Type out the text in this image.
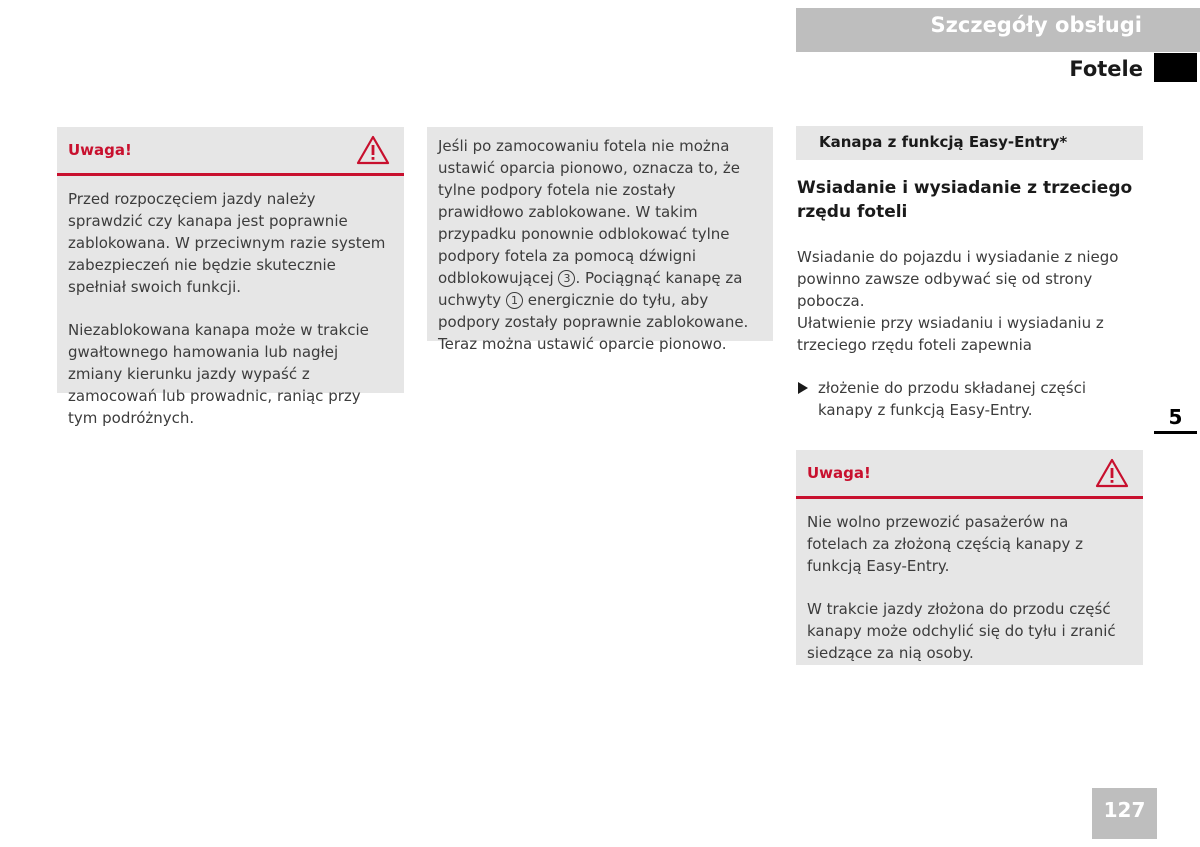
Szczegóły obsługi
Fotele
Uwaga!

Przed rozpoczęciem jazdy należy sprawdzić czy kanapa jest poprawnie zablokowana. W przeciwnym razie system zabezpieczeń nie będzie skutecznie spełniał swoich funkcji.

Niezablokowana kanapa może w trakcie gwałtownego hamowania lub nagłej zmiany kierunku jazdy wypaść z zamocowań lub prowadnic, raniąc przy tym podróżnych.

Jeśli po zamocowaniu fotela nie można ustawić oparcia pionowo, oznacza to, że tylne podpory fotela nie zostały prawidłowo zablokowane. W takim przypadku ponownie odblokować tylne podpory fotela za pomocą dźwigni odblokowującej 3 . Pociągnąć kanapę za uchwyty 1 energicznie do tyłu, aby podpory zostały poprawnie zablokowane. Teraz można ustawić oparcie pionowo.

Kanapa z funkcją Easy-Entry*
Wsiadanie i wysiadanie z trzeciego rzędu foteli

Wsiadanie do pojazdu i wysiadanie z niego powinno zawsze odbywać się od strony pobocza.

Ułatwienie przy wsiadaniu i wysiadaniu z trzeciego rzędu foteli zapewnia

złożenie do przodu składanej części kanapy z funkcją Easy-Entry.

Uwaga!

Nie wolno przewozić pasażerów na fotelach za złożoną częścią kanapy z funkcją Easy-Entry.

W trakcie jazdy złożona do przodu część kanapy może odchylić się do tyłu i zranić siedzące za nią osoby.

5
127
